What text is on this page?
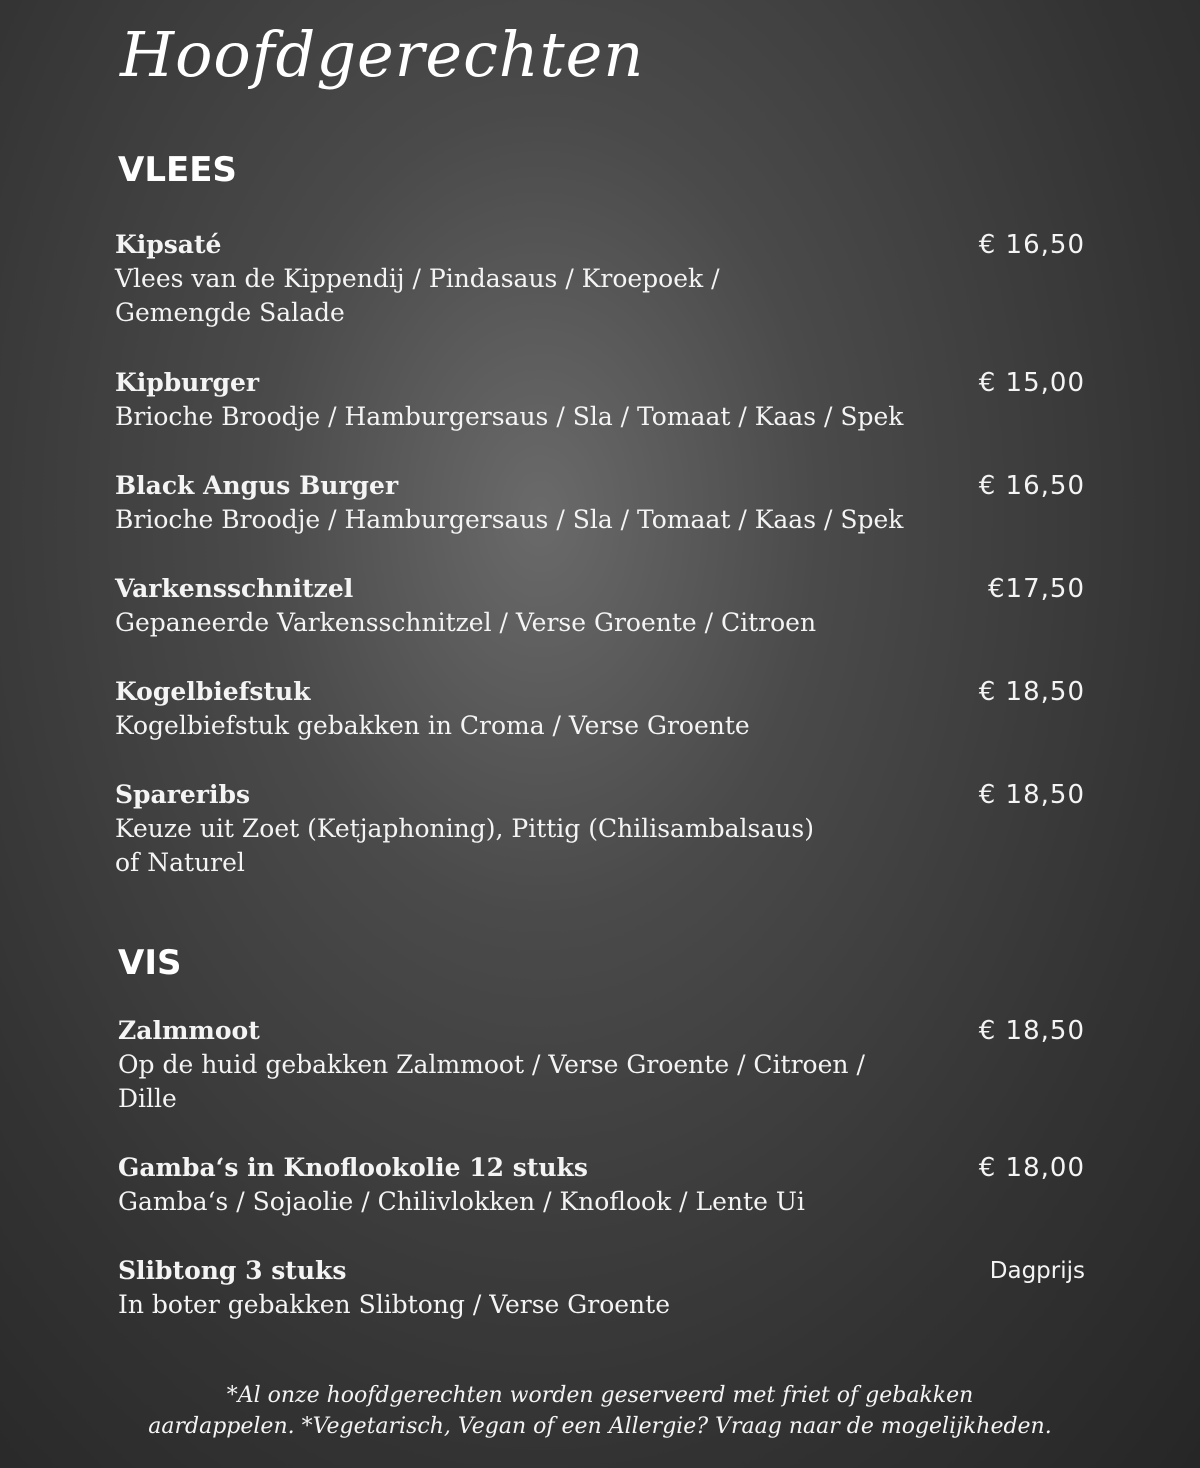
Hoofdgerechten
VLEES
Kipsaté
Vlees van de Kippendij / Pindasaus / Kroepoek / Gemengde Salade
€ 16,50
Kipburger
Brioche Broodje / Hamburgersaus / Sla / Tomaat / Kaas / Spek
€ 15,00
Black Angus Burger
Brioche Broodje / Hamburgersaus / Sla / Tomaat / Kaas / Spek
€ 16,50
Varkensschnitzel
Gepaneerde Varkensschnitzel / Verse Groente / Citroen
€17,50
Kogelbiefstuk
Kogelbiefstuk gebakken in Croma / Verse Groente
€ 18,50
Spareribs
Keuze uit Zoet (Ketjaphoning), Pittig (Chilisambalsaus) of Naturel
€ 18,50
VIS
Zalmmoot
Op de huid gebakken Zalmmoot / Verse Groente / Citroen / Dille
€ 18,50
Gamba‘s in Knoflookolie 12 stuks
Gamba‘s / Sojaolie / Chilivlokken / Knoflook / Lente Ui
€ 18,00
Slibtong 3 stuks
In boter gebakken Slibtong / Verse Groente
Dagprijs
*Al onze hoofdgerechten worden geserveerd met friet of gebakken
aardappelen. *Vegetarisch, Vegan of een Allergie? Vraag naar de mogelijkheden.
